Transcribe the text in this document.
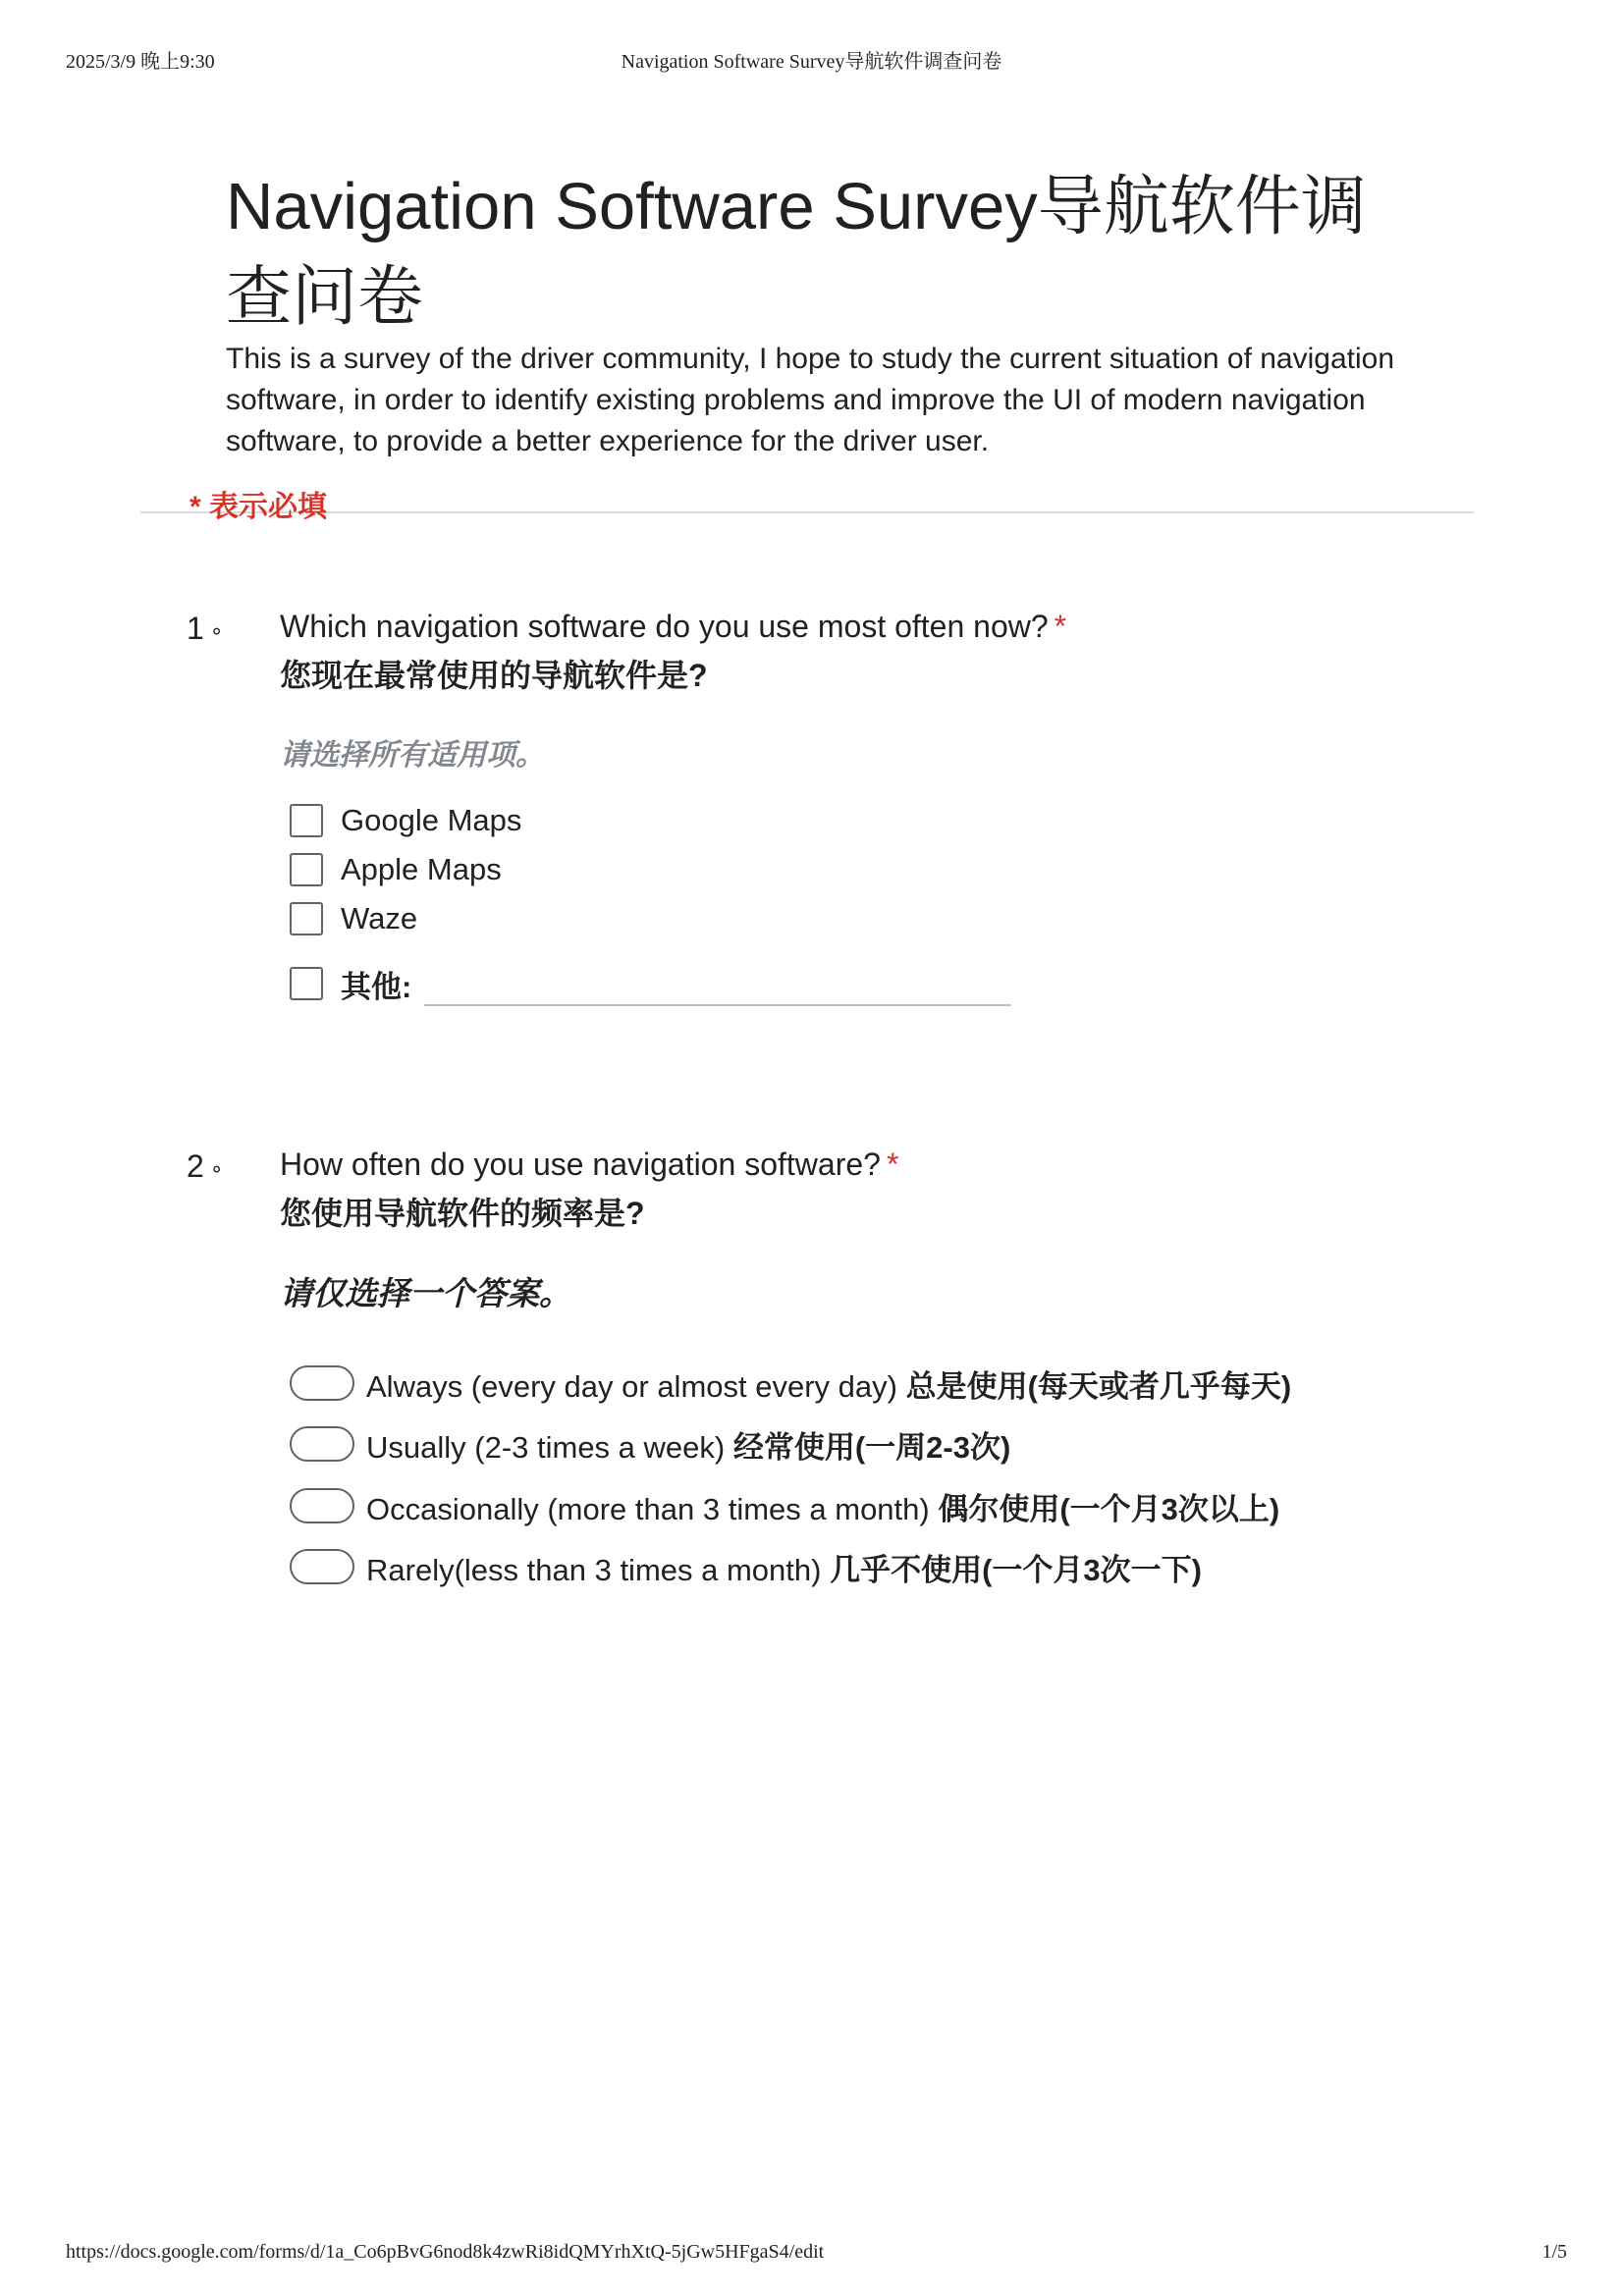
2025/3/9 晚上9:30	Navigation Software Survey导航软件调查问卷
Navigation Software Survey导航软件调
查问卷
This is a survey of the driver community, I hope to study the current situation of navigation software, in order to identify existing problems and improve the UI of modern navigation software, to provide a better experience for the driver user.
* 表示必填
1 ∘ Which navigation software do you use most often now? *
您现在最常使用的导航软件是?
请选择所有适用项。
Google Maps
Apple Maps
Waze
其他:
2 ∘ How often do you use navigation software? *
您使用导航软件的频率是?
请仅选择一个答案。
Always (every day or almost every day) 总是使用(每天或者几乎每天)
Usually (2-3 times a week) 经常使用(一周2-3次)
Occasionally (more than 3 times a month) 偶尔使用(一个月3次以上)
Rarely(less than 3 times a month) 几乎不使用(一个月3次一下)
https://docs.google.com/forms/d/1a_Co6pBvG6nod8k4zwRi8idQMYrhXtQ-5jGw5HFgaS4/edit	1/5
